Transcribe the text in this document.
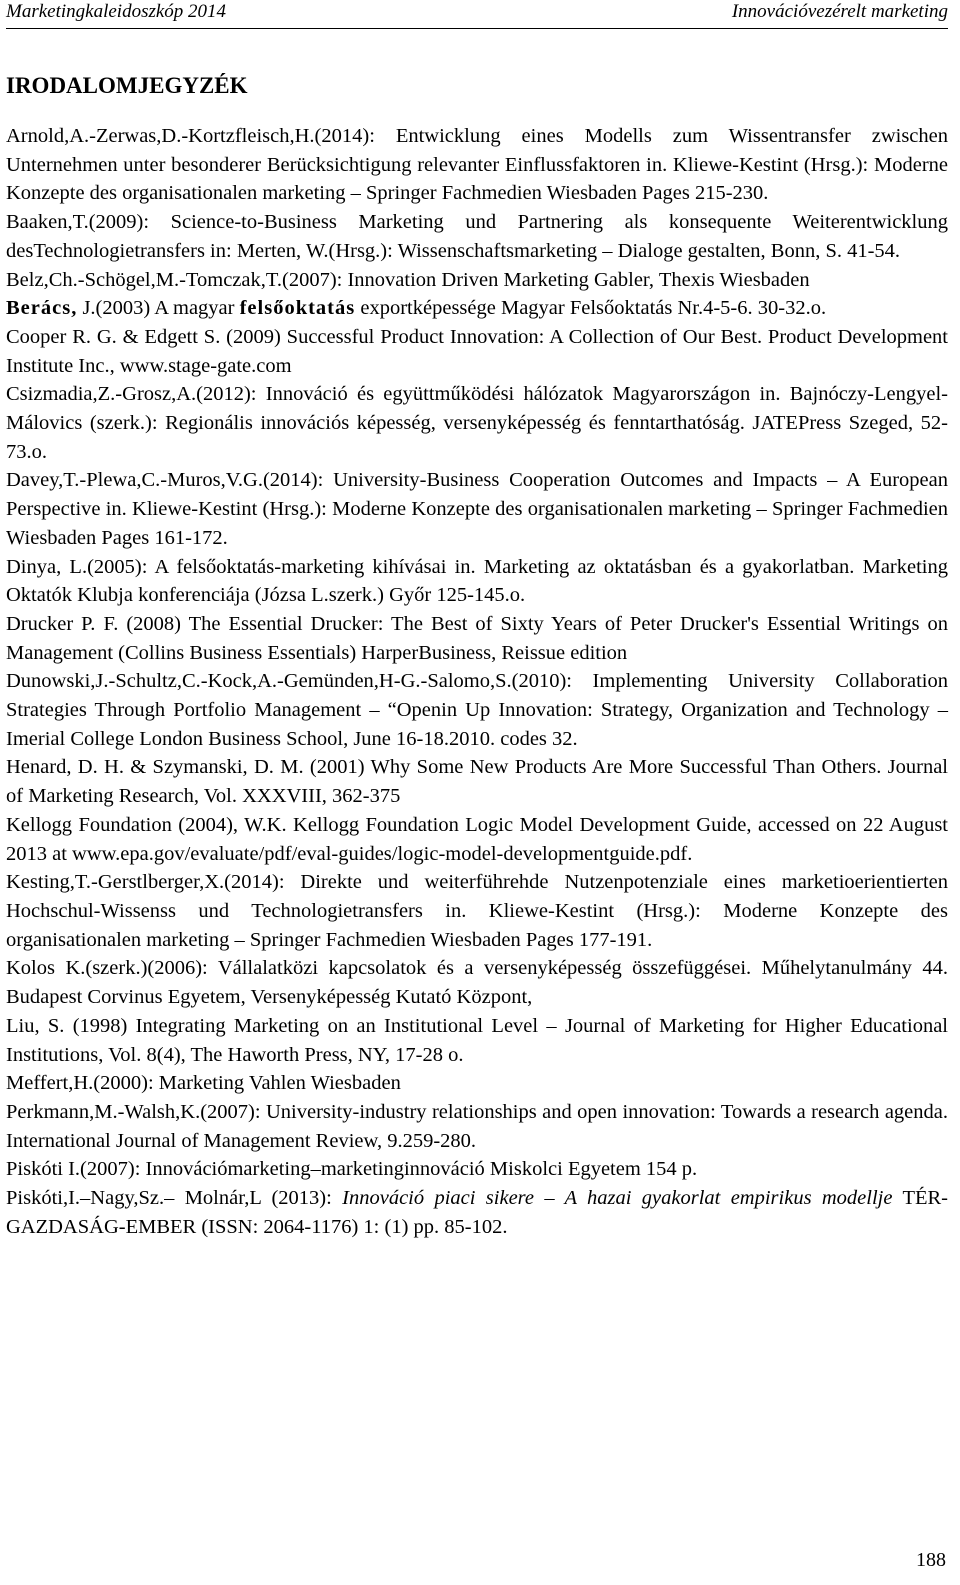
Marketingkaleidoszkóp 2014	Innovációvezérelt marketing
IRODALOMJEGYZÉK

Arnold,A.-Zerwas,D.-Kortzfleisch,H.(2014): Entwicklung eines Modells zum Wissentransfer zwischen Unternehmen unter besonderer Berücksichtigung relevanter Einflussfaktoren in. Kliewe-Kestint (Hrsg.): Moderne Konzepte des organisationalen marketing – Springer Fachmedien Wiesbaden Pages 215-230.

Baaken,T.(2009): Science-to-Business Marketing und Partnering als konsequente Weiterentwicklung desTechnologietransfers in: Merten, W.(Hrsg.): Wissenschaftsmarketing – Dialoge gestalten, Bonn, S. 41-54.

Belz,Ch.-Schögel,M.-Tomczak,T.(2007): Innovation Driven Marketing Gabler, Thexis Wiesbaden

Berács, J.(2003) A magyar felsőoktatás exportképessége Magyar Felsőoktatás Nr.4-5-6. 30-32.o.

Cooper R. G. & Edgett S. (2009) Successful Product Innovation: A Collection of Our Best. Product Development Institute Inc., www.stage-gate.com

Csizmadia,Z.-Grosz,A.(2012): Innováció és együttműködési hálózatok Magyarországon in. Bajnóczy-Lengyel-Málovics (szerk.): Regionális innovációs képesség, versenyképesség és fenntarthatóság. JATEPress Szeged, 52-73.o.

Davey,T.-Plewa,C.-Muros,V.G.(2014): University-Business Cooperation Outcomes and Impacts – A European Perspective in. Kliewe-Kestint (Hrsg.): Moderne Konzepte des organisationalen marketing – Springer Fachmedien Wiesbaden Pages 161-172.

Dinya, L.(2005): A felsőoktatás-marketing kihívásai in. Marketing az oktatásban és a gyakorlatban. Marketing Oktatók Klubja konferenciája (Józsa L.szerk.) Győr 125-145.o.

Drucker P. F. (2008) The Essential Drucker: The Best of Sixty Years of Peter Drucker's Essential Writings on Management (Collins Business Essentials) HarperBusiness, Reissue edition

Dunowski,J.-Schultz,C.-Kock,A.-Gemünden,H-G.-Salomo,S.(2010): Implementing University Collaboration Strategies Through Portfolio Management – “Openin Up Innovation: Strategy, Organization and Technology – Imerial College London Business School, June 16-18.2010. codes 32.

Henard, D. H. & Szymanski, D. M. (2001) Why Some New Products Are More Successful Than Others. Journal of Marketing Research, Vol. XXXVIII, 362-375

Kellogg Foundation (2004), W.K. Kellogg Foundation Logic Model Development Guide, accessed on 22 August 2013 at www.epa.gov/evaluate/pdf/eval-guides/logic-model-developmentguide.pdf.

Kesting,T.-Gerstlberger,X.(2014): Direkte und weiterführehde Nutzenpotenziale eines marketioerientierten Hochschul-Wissenss und Technologietransfers in. Kliewe-Kestint (Hrsg.): Moderne Konzepte des organisationalen marketing – Springer Fachmedien Wiesbaden Pages 177-191.

Kolos K.(szerk.)(2006): Vállalatközi kapcsolatok és a versenyképesség összefüggései. Műhelytanulmány 44. Budapest Corvinus Egyetem, Versenyképesség Kutató Központ,

Liu, S. (1998) Integrating Marketing on an Institutional Level – Journal of Marketing for Higher Educational Institutions, Vol. 8(4), The Haworth Press, NY, 17-28 o.

Meffert,H.(2000): Marketing Vahlen Wiesbaden

Perkmann,M.-Walsh,K.(2007): University-industry relationships and open innovation: Towards a research agenda. International Journal of Management Review, 9.259-280.

Piskóti I.(2007): Innovációmarketing–marketinginnováció Miskolci Egyetem 154 p.

Piskóti,I.–Nagy,Sz.– Molnár,L (2013): Innováció piaci sikere – A hazai gyakorlat empirikus modellje TÉR-GAZDASÁG-EMBER (ISSN: 2064-1176) 1: (1) pp. 85-102.

188
